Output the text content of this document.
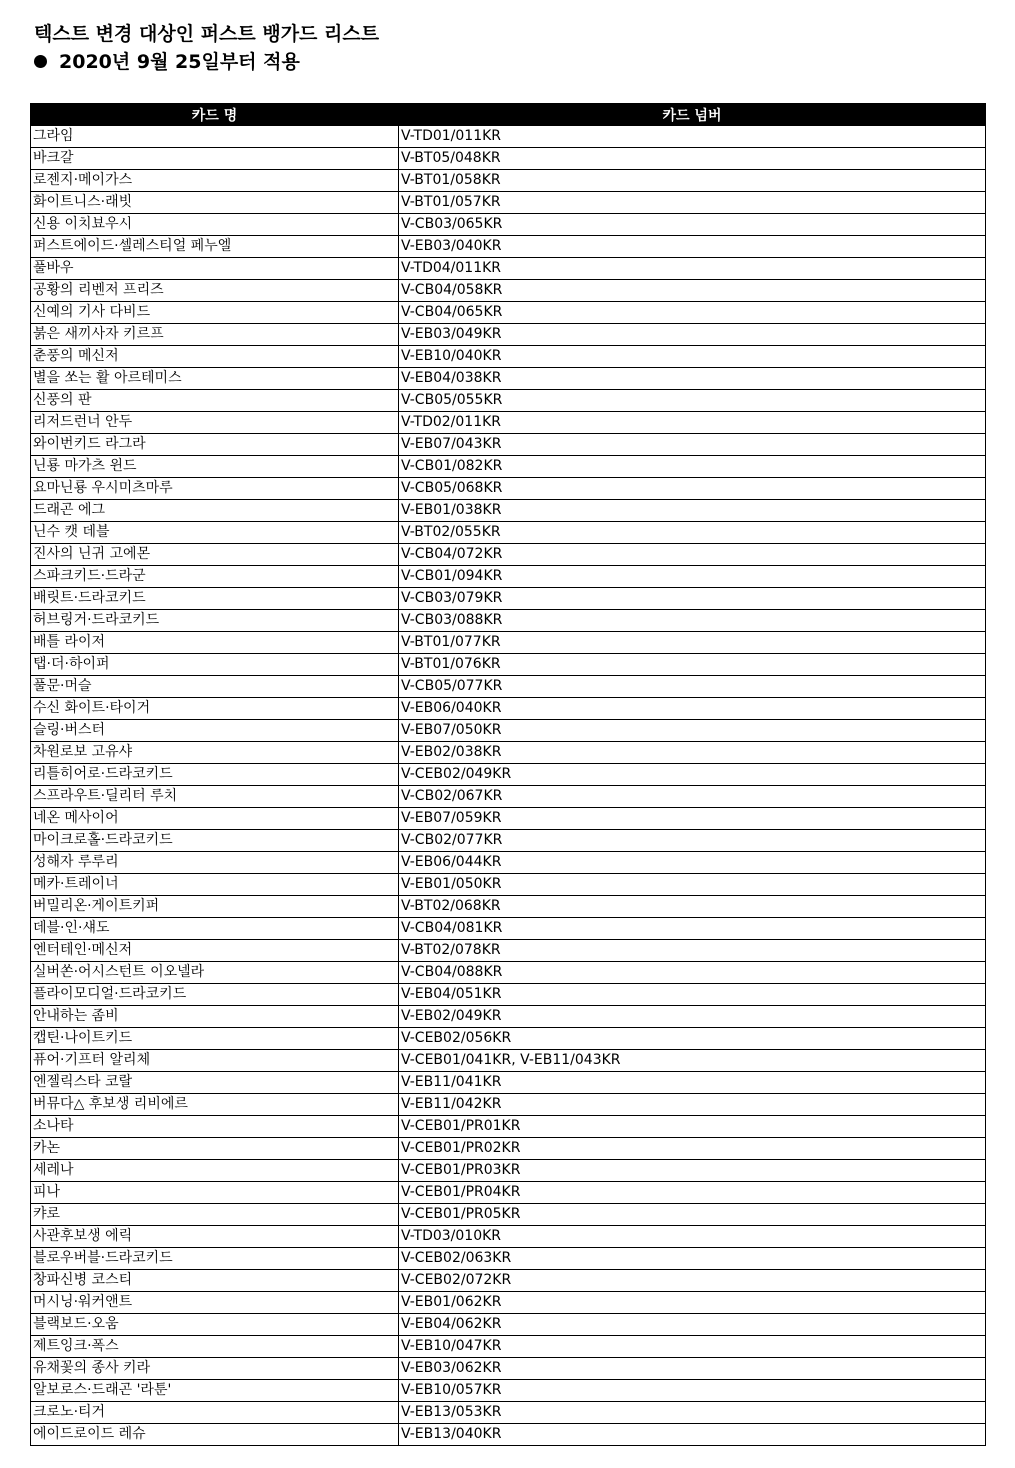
텍스트 변경 대상인 퍼스트 뱅가드 리스트
2020년 9월 25일부터 적용
카드 명	카드 넘버
그라임	V-TD01/011KR
바크갈	V-BT05/048KR
로젠지·메이가스	V-BT01/058KR
화이트니스·래빗	V-BT01/057KR
신용 이치뵤우시	V-CB03/065KR
퍼스트에이드·셀레스티얼 페누엘	V-EB03/040KR
풀바우	V-TD04/011KR
공황의 리벤저 프리즈	V-CB04/058KR
신예의 기사 다비드	V-CB04/065KR
붉은 새끼사자 키르프	V-EB03/049KR
춘풍의 메신저	V-EB10/040KR
별을 쏘는 활 아르테미스	V-EB04/038KR
신풍의 판	V-CB05/055KR
리저드런너 안두	V-TD02/011KR
와이번키드 라그라	V-EB07/043KR
닌룡 마가츠 윈드	V-CB01/082KR
요마닌룡 우시미츠마루	V-CB05/068KR
드래곤 에그	V-EB01/038KR
닌수 캣 데블	V-BT02/055KR
진사의 닌귀 고에몬	V-CB04/072KR
스파크키드·드라군	V-CB01/094KR
배릿트·드라코키드	V-CB03/079KR
허브링거·드라코키드	V-CB03/088KR
배틀 라이저	V-BT01/077KR
탭·더·하이퍼	V-BT01/076KR
풀문·머슬	V-CB05/077KR
수신 화이트·타이거	V-EB06/040KR
슬링·버스터	V-EB07/050KR
차원로보 고유샤	V-EB02/038KR
리틀히어로·드라코키드	V-CEB02/049KR
스프라우트·딜리터 루치	V-CB02/067KR
네온 메사이어	V-EB07/059KR
마이크로홀·드라코키드	V-CB02/077KR
성해자 루루리	V-EB06/044KR
메카·트레이너	V-EB01/050KR
버밀리온·게이트키퍼	V-BT02/068KR
데블·인·섀도	V-CB04/081KR
엔터테인·메신저	V-BT02/078KR
실버쏜·어시스턴트 이오넬라	V-CB04/088KR
플라이모디얼·드라코키드	V-EB04/051KR
안내하는 좀비	V-EB02/049KR
캡틴·나이트키드	V-CEB02/056KR
퓨어·기프터 알리체	V-CEB01/041KR, V-EB11/043KR
엔젤릭스타 코랄	V-EB11/041KR
버뮤다△ 후보생 리비에르	V-EB11/042KR
소나타	V-CEB01/PR01KR
카논	V-CEB01/PR02KR
세레나	V-CEB01/PR03KR
피나	V-CEB01/PR04KR
캬로	V-CEB01/PR05KR
사관후보생 에릭	V-TD03/010KR
블로우버블·드라코키드	V-CEB02/063KR
창파신병 코스티	V-CEB02/072KR
머시닝·워커앤트	V-EB01/062KR
블랙보드·오움	V-EB04/062KR
제트잉크·폭스	V-EB10/047KR
유채꽃의 종사 키라	V-EB03/062KR
알보로스·드래곤 '라툰'	V-EB10/057KR
크로노·티거	V-EB13/053KR
에이드로이드 레슈	V-EB13/040KR
